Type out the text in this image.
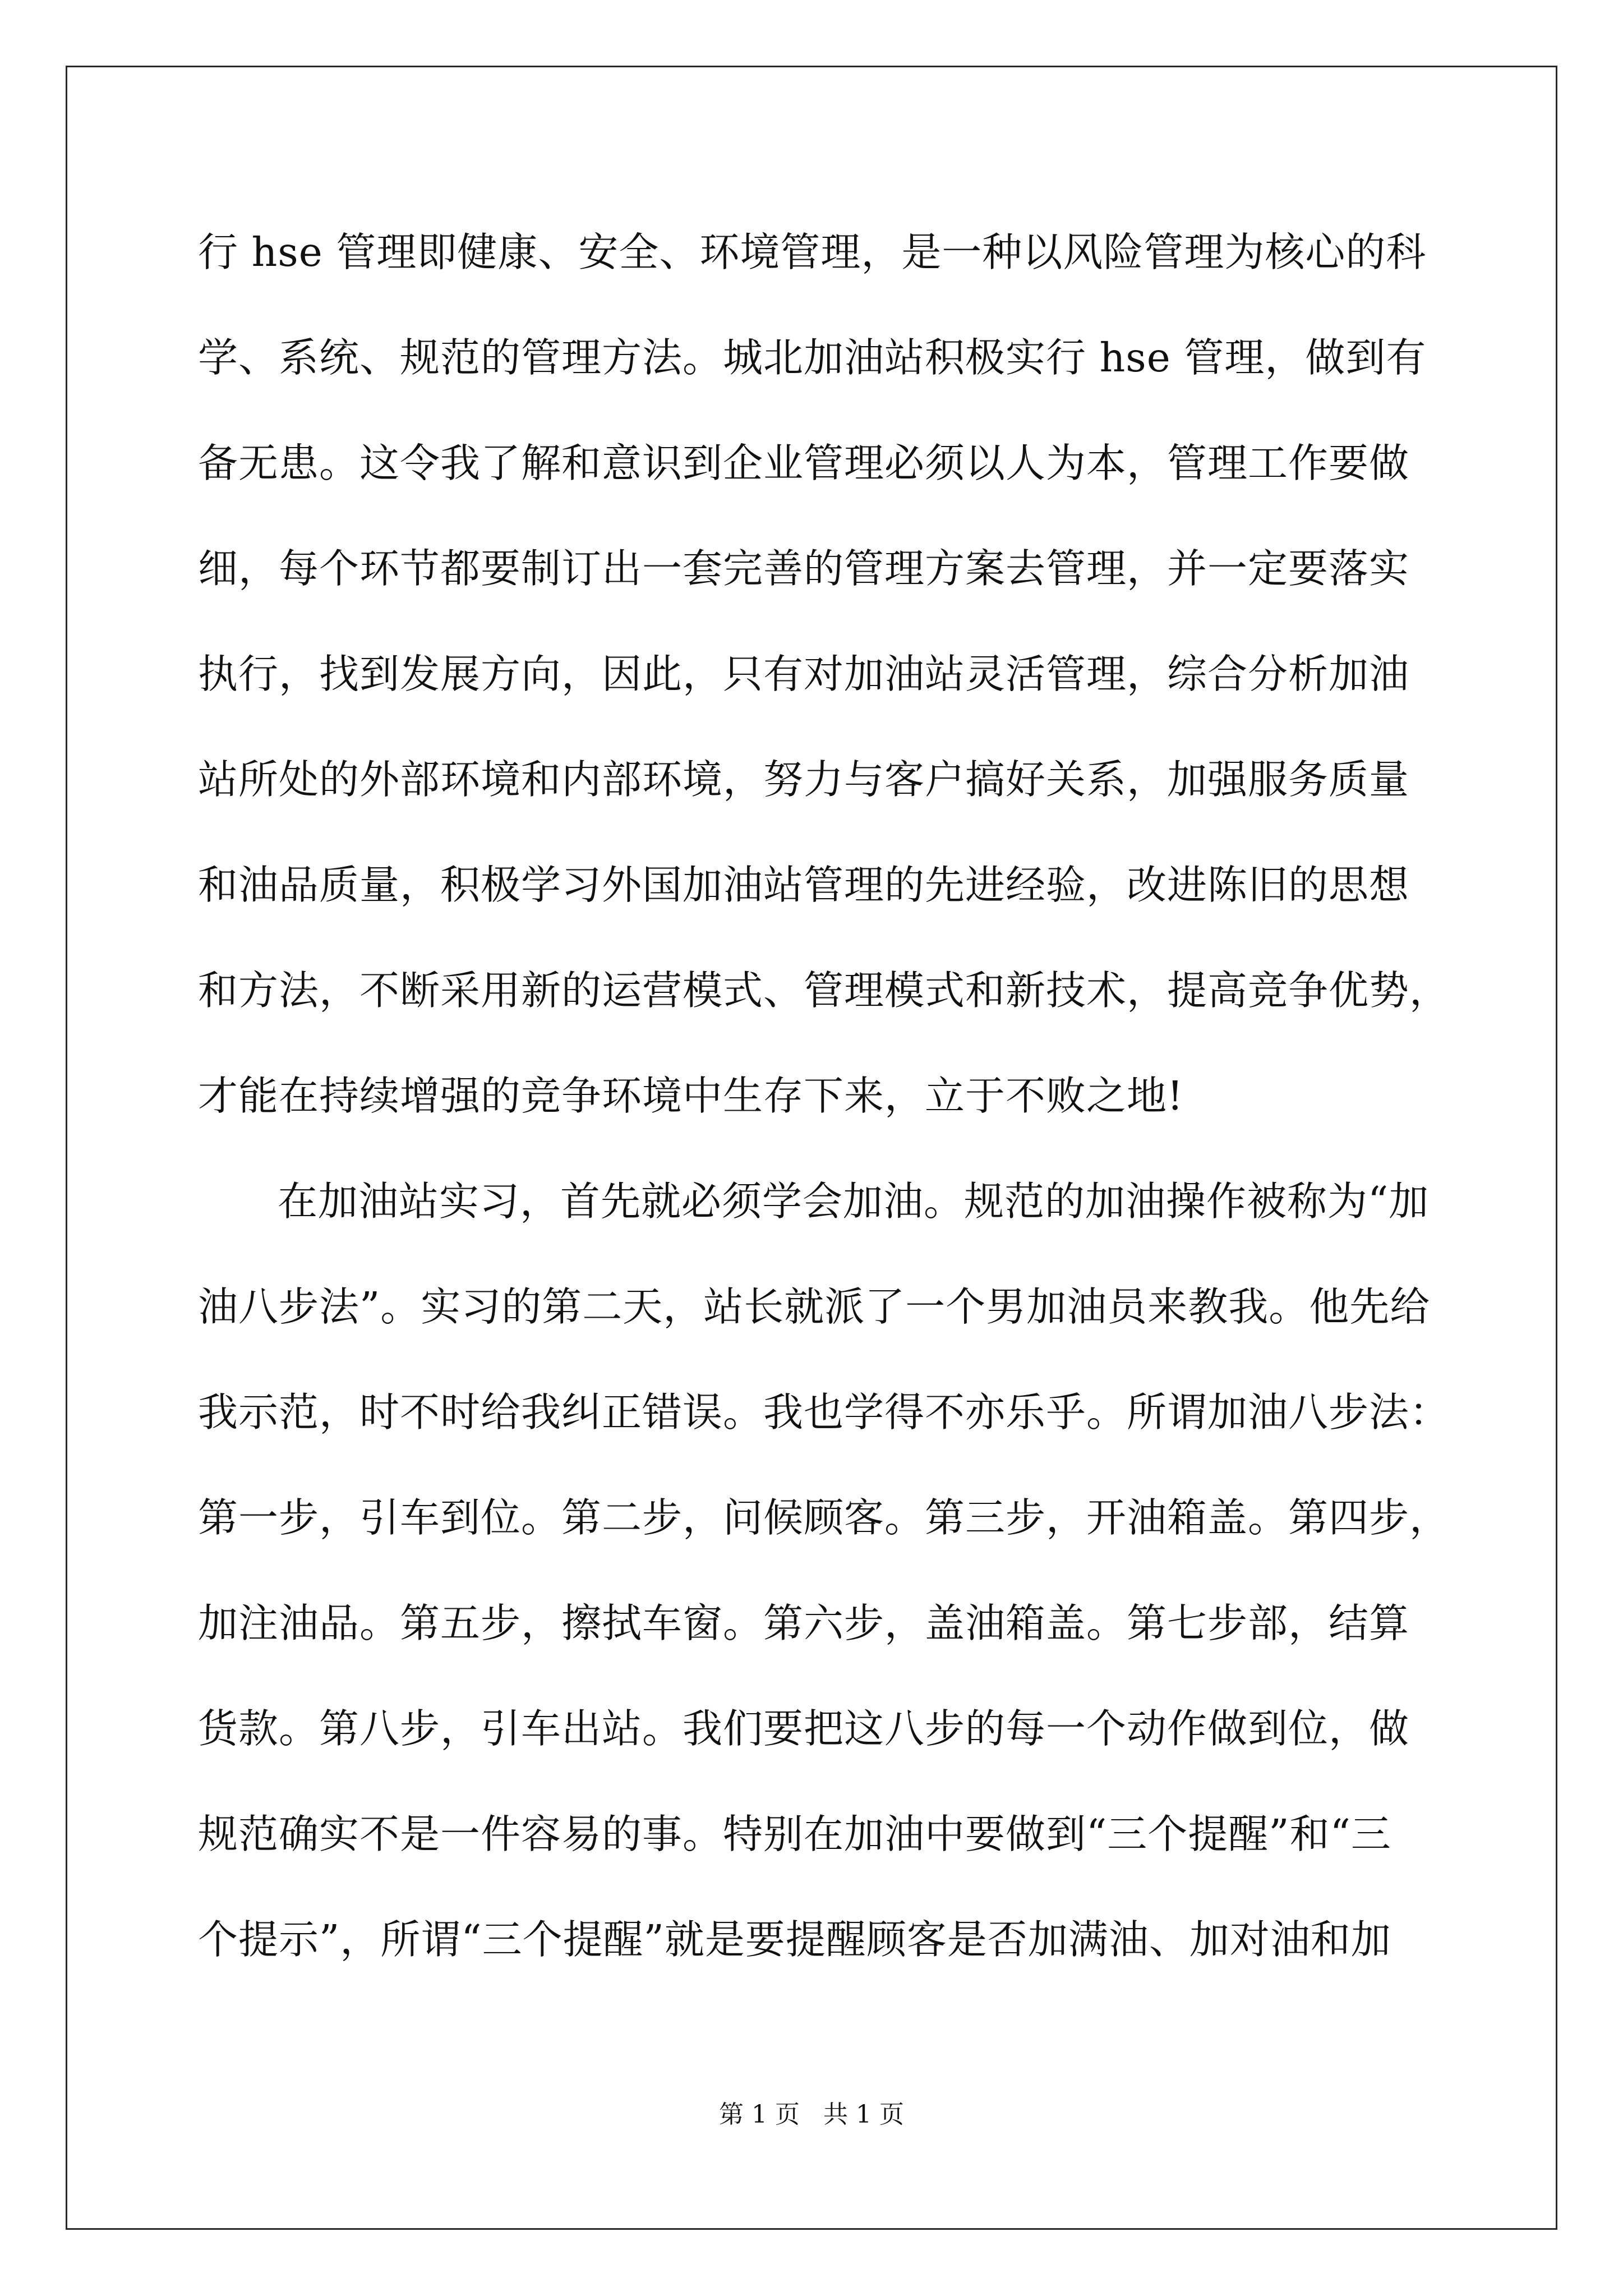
行 hse 管理即健康、安全、环境管理，是一种以风险管理为核心的科
学、系统、规范的管理方法。城北加油站积极实行 hse 管理，做到有
备无患。这令我了解和意识到企业管理必须以人为本，管理工作要做
细，每个环节都要制订出一套完善的管理方案去管理，并一定要落实
执行，找到发展方向，因此，只有对加油站灵活管理，综合分析加油
站所处的外部环境和内部环境，努力与客户搞好关系，加强服务质量
和油品质量，积极学习外国加油站管理的先进经验，改进陈旧的思想
和方法，不断采用新的运营模式、管理模式和新技术，提高竞争优势，
才能在持续增强的竞争环境中生存下来，立于不败之地!
在加油站实习，首先就必须学会加油。规范的加油操作被称为“加
油八步法”。实习的第二天，站长就派了一个男加油员来教我。他先给
我示范，时不时给我纠正错误。我也学得不亦乐乎。所谓加油八步法：
第一步，引车到位。第二步，问候顾客。第三步，开油箱盖。第四步，
加注油品。第五步，擦拭车窗。第六步，盖油箱盖。第七步部，结算
货款。第八步，引车出站。我们要把这八步的每一个动作做到位，做
规范确实不是一件容易的事。特别在加油中要做到“三个提醒”和“三
个提示”，所谓“三个提醒”就是要提醒顾客是否加满油、加对油和加
第 1 页   共 1 页
